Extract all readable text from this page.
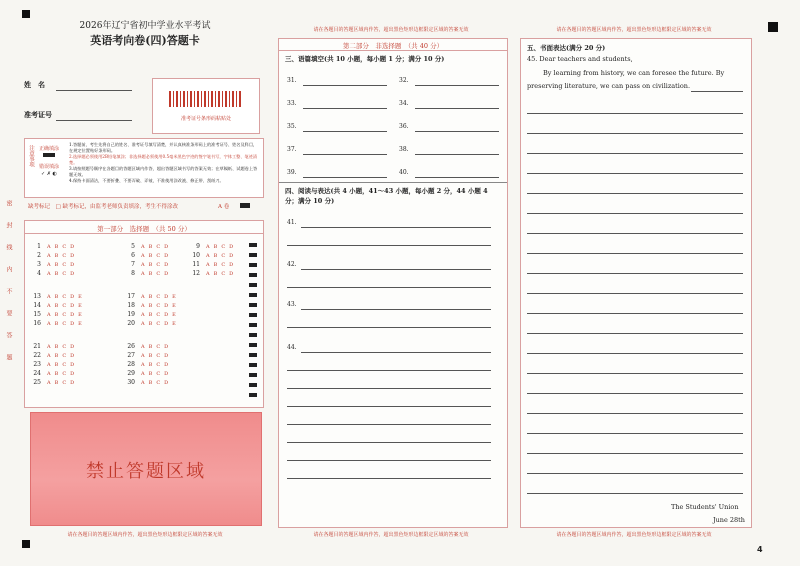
请在各题目的答题区域内作答，超出黑色矩形边框限定区域的答案无效	请在各题目的答题区域内作答，超出黑色矩形边框限定区域的答案无效
请在各题目的答题区域内作答，超出黑色矩形边框限定区域的答案无效	请在各题目的答题区域内作答，超出黑色矩形边框限定区域的答案无效	请在各题目的答题区域内作答，超出黑色矩形边框限定区域的答案无效
4
密封线内不要答题
2026年辽宁省初中学业水平考试
英语考向卷(四)答题卡
姓　名
准考证号	准考证号条形码粘贴处
注意事项 正确填涂
错误填涂
✓ ✗ ◐
1.答题前，考生先将自己的姓名、准考证号填写清楚，并认真核准条形码上的准考证号、姓名及科目，在规定位置贴好条形码。
2.选择题必须使用2B铅笔填涂；非选择题必须使用0.5毫米黑色字迹的签字笔书写，字体工整、笔迹清楚。
3.请按照题号顺序在各题目的答题区域内作答，超出答题区域书写的答案无效；在草稿纸、试题卷上答题无效。
4.保持卡面清洁，不要折叠、不要弄破、弄皱，不准使用涂改液、修正带、刮纸刀。
缺考标记　□ 缺考标记，由监考老师负责填涂，考生不得涂改	A 卷
第一部分　选择题　（共 50 分）
1 A B C D
2 A B C D
3 A B C D
4 A B C D
5 A B C D
6 A B C D
7 A B C D
8 A B C D
9 A B C D
10 A B C D
11 A B C D
12 A B C D
13 A B C D E
14 A B C D E
15 A B C D E
16 A B C D E
17 A B C D E
18 A B C D E
19 A B C D E
20 A B C D E
21 A B C D
22 A B C D
23 A B C D
24 A B C D
25 A B C D
26 A B C D
27 A B C D
28 A B C D
29 A B C D
30 A B C D
禁止答题区域
第二部分　非选择题　（共 40 分）
三、语篇填空(共 10 小题，每小题 1 分；满分 10 分)
31.	32.
33.	34.
35.	36.
37.	38.
39.	40.
四、阅读与表达(共 4 小题，41～43 小题，每小题 2 分，44 小题 4 分；满分 10 分)
41.
42.
43.
44.
五、书面表达(满分 20 分)
45. Dear teachers and students,
By learning from history, we can foresee the future. By
preserving literature, we can pass on civilization.
The Students' Union
June 28th
